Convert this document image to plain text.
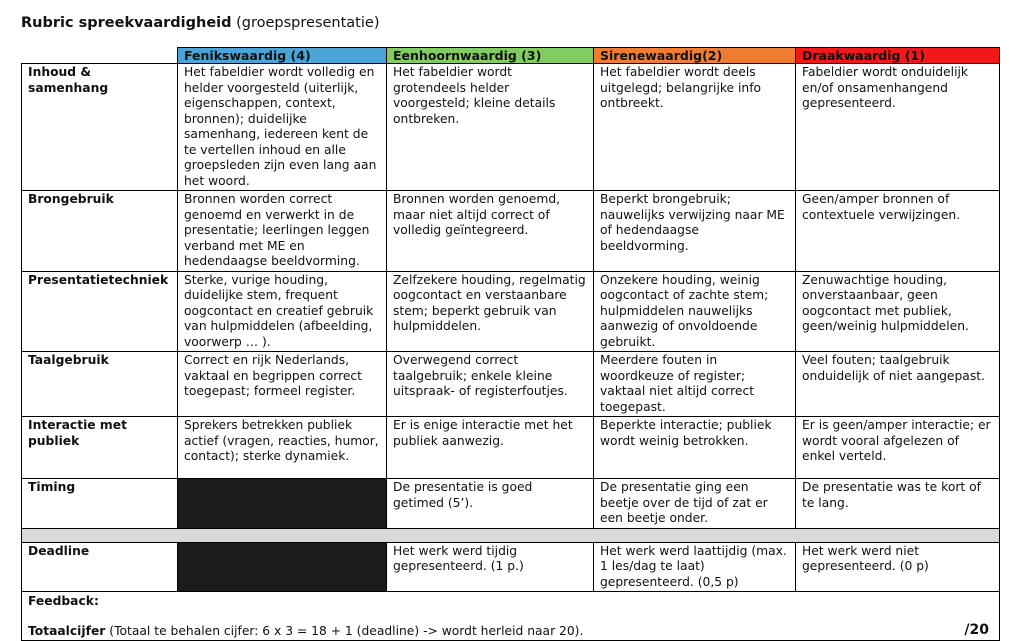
Rubric spreekvaardigheid (groepspresentatie)
	Fenikswaardig (4)	Eenhoornwaardig (3)	Sirenewaardig(2)	Draakwaardig (1)
Inhoud & samenhang	Het fabeldier wordt volledig en helder voorgesteld (uiterlijk, eigenschappen, context, bronnen); duidelijke samenhang, iedereen kent de te vertellen inhoud en alle groepsleden zijn even lang aan het woord.	Het fabeldier wordt grotendeels helder voorgesteld; kleine details ontbreken.	Het fabeldier wordt deels uitgelegd; belangrijke info ontbreekt.	Fabeldier wordt onduidelijk en/of onsamenhangend gepresenteerd.
Brongebruik	Bronnen worden correct genoemd en verwerkt in de presentatie; leerlingen leggen verband met ME en hedendaagse beeldvorming.	Bronnen worden genoemd, maar niet altijd correct of volledig geïntegreerd.	Beperkt brongebruik; nauwelijks verwijzing naar ME of hedendaagse beeldvorming.	Geen/amper bronnen of contextuele verwijzingen.
Presentatietechniek	Sterke, vurige houding, duidelijke stem, frequent oogcontact en creatief gebruik van hulpmiddelen (afbeelding, voorwerp … ).	Zelfzekere houding, regelmatig oogcontact en verstaanbare stem; beperkt gebruik van hulpmiddelen.	Onzekere houding, weinig oogcontact of zachte stem; hulpmiddelen nauwelijks aanwezig of onvoldoende gebruikt.	Zenuwachtige houding, onverstaanbaar, geen oogcontact met publiek, geen/weinig hulpmiddelen.
Taalgebruik	Correct en rijk Nederlands, vaktaal en begrippen correct toegepast; formeel register.	Overwegend correct taalgebruik; enkele kleine uitspraak- of registerfoutjes.	Meerdere fouten in woordkeuze of register; vaktaal niet altijd correct toegepast.	Veel fouten; taalgebruik onduidelijk of niet aangepast.
Interactie met publiek	Sprekers betrekken publiek actief (vragen, reacties, humor, contact); sterke dynamiek.	Er is enige interactie met het publiek aanwezig.	Beperkte interactie; publiek wordt weinig betrokken.	Er is geen/amper interactie; er wordt vooral afgelezen of enkel verteld.
Timing		De presentatie is goed getimed (5’).	De presentatie ging een beetje over de tijd of zat er een beetje onder.	De presentatie was te kort of te lang.

Deadline		Het werk werd tijdig gepresenteerd. (1 p.)	Het werk werd laattijdig (max. 1 les/dag te laat) gepresenteerd. (0,5 p)	Het werk werd niet gepresenteerd. (0 p)

Feedback:
Totaalcijfer (Totaal te behalen cijfer: 6 x 3 = 18 + 1 (deadline) -> wordt herleid naar 20). /20				
